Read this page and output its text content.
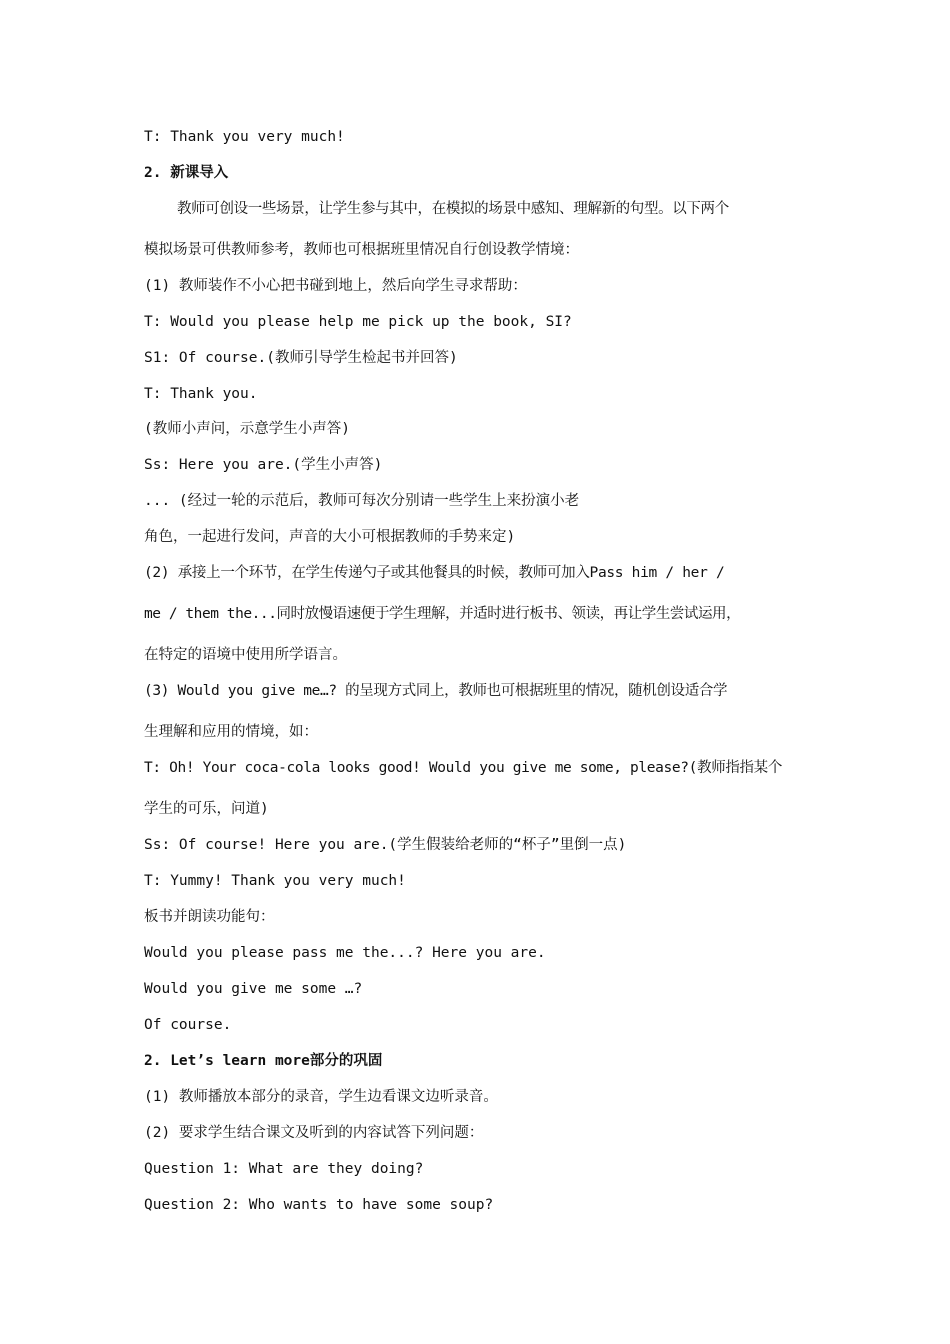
T: Thank you very much!
2. 新课导入
教师可创设一些场景，让学生参与其中，在模拟的场景中感知、理解新的句型。以下两个
模拟场景可供教师参考，教师也可根据班里情况自行创设教学情境：
(1) 教师装作不小心把书碰到地上，然后向学生寻求帮助：
T: Would you please help me pick up the book, SI?
S1: Of course.(教师引导学生检起书并回答)
T: Thank you.
(教师小声问，示意学生小声答)
Ss: Here you are.(学生小声答)
... (经过一轮的示范后，教师可每次分别请一些学生上来扮演小老
角色，一起进行发问，声音的大小可根据教师的手势来定)
(2) 承接上一个环节，在学生传递勺子或其他餐具的时候，教师可加入Pass him / her /
me / them the...同时放慢语速便于学生理解，并适时进行板书、领读，再让学生尝试运用，
在特定的语境中使用所学语言。
(3) Would you give me…? 的呈现方式同上，教师也可根据班里的情况，随机创设适合学
生理解和应用的情境，如：
T: Oh! Your coca-cola looks good! Would you give me some, please?(教师指指某个
学生的可乐，问道)
Ss: Of course! Here you are.(学生假装给老师的“杯子”里倒一点)
T: Yummy! Thank you very much!
板书并朗读功能句：
Would you please pass me the...? Here you are.
Would you give me some …?
Of course.
2. Let’s learn more部分的巩固
(1) 教师播放本部分的录音，学生边看课文边听录音。
(2) 要求学生结合课文及听到的内容试答下列问题：
Question 1: What are they doing?
Question 2: Who wants to have some soup?
